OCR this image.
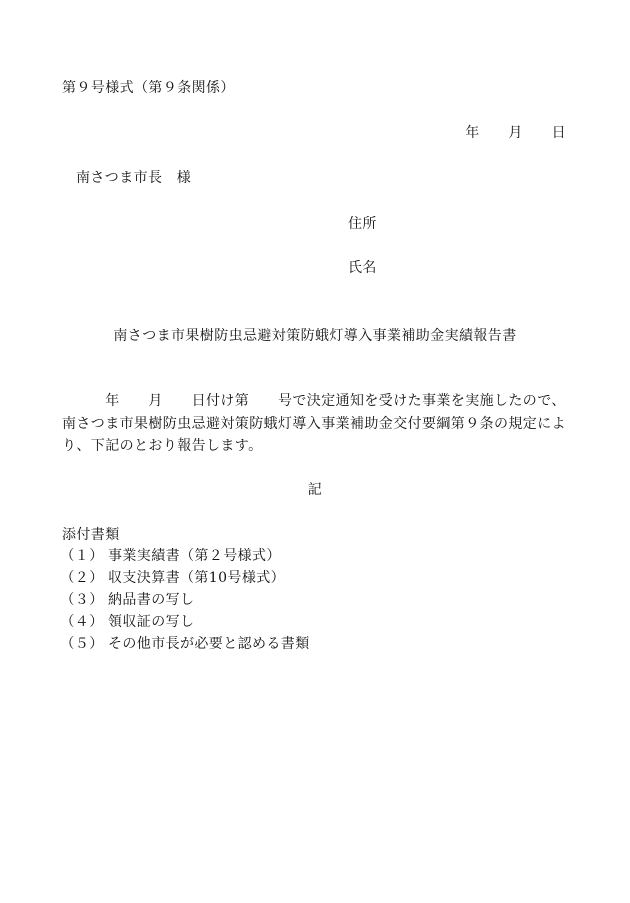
第９号様式（第９条関係）
年　　月　　日
南さつま市長　様
住所
氏名
南さつま市果樹防虫忌避対策防蛾灯導入事業補助金実績報告書
　　　年　　月　　日付け第　　号で決定通知を受けた事業を実施したので、
南さつま市果樹防虫忌避対策防蛾灯導入事業補助金交付要綱第９条の規定によ
り、下記のとおり報告します。
記
添付書類

（１）

事業実績書（第２号様式）

（２）

収支決算書（第10号様式）

（３）

納品書の写し

（４）

領収証の写し

（５）

その他市長が必要と認める書類
